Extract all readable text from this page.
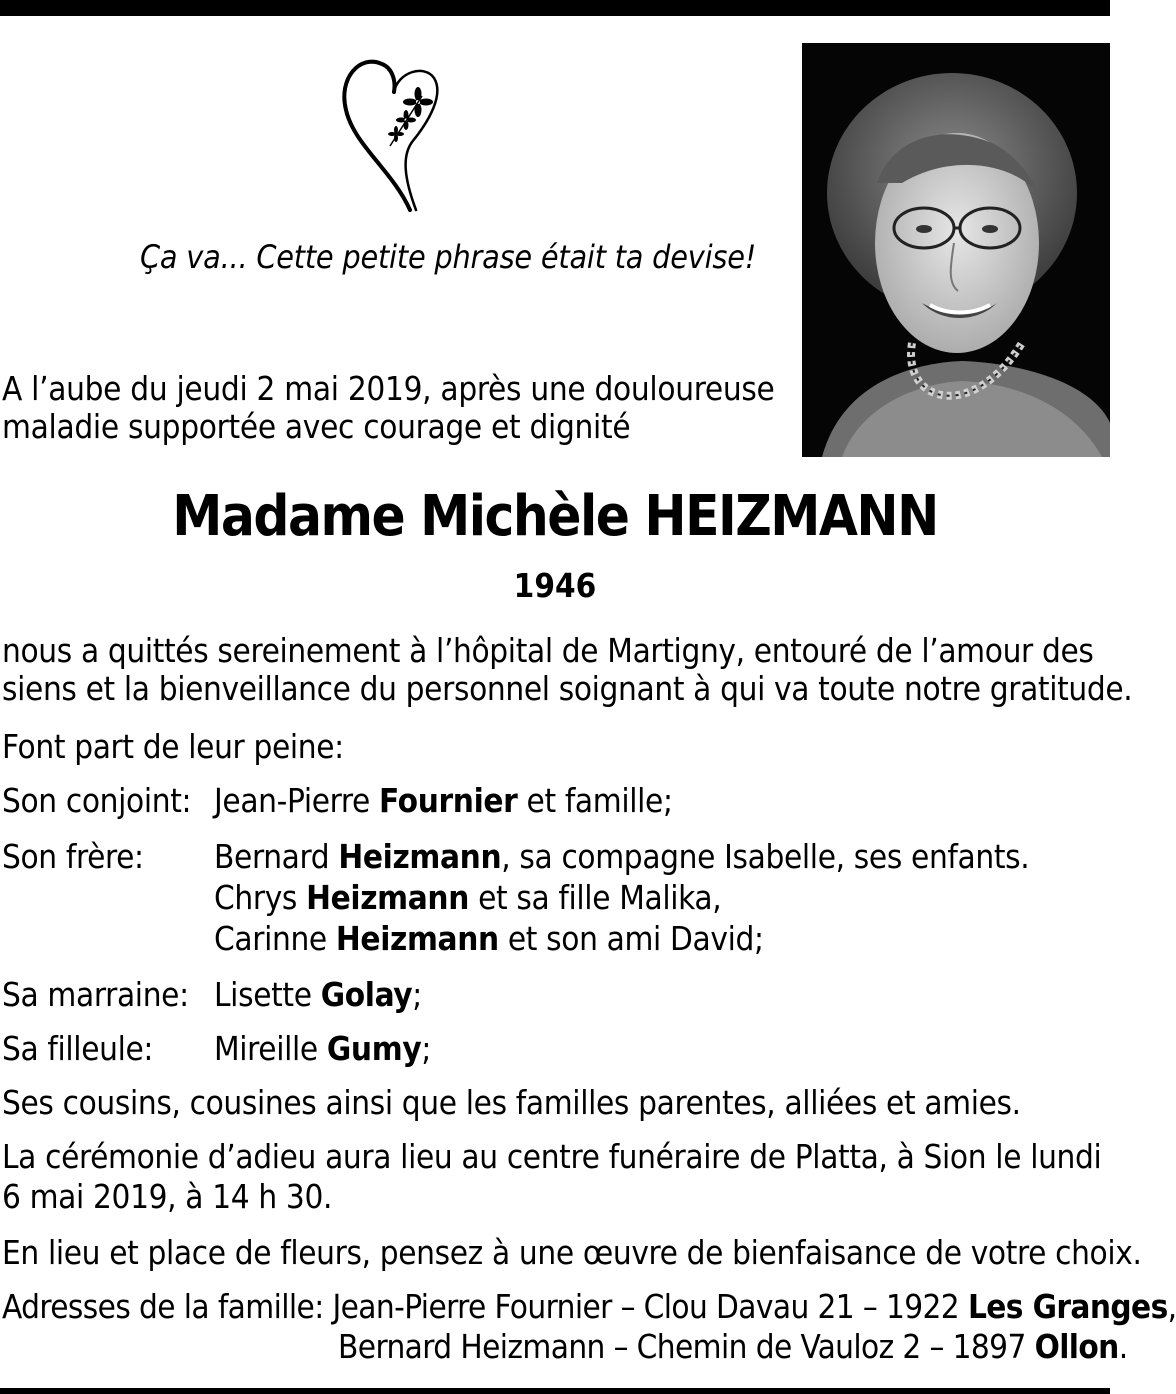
Ça va... Cette petite phrase était ta devise!
A l’aube du jeudi 2 mai 2019, après une douloureuse
maladie supportée avec courage et dignité
Madame Michèle HEIZMANN
1946
nous a quittés sereinement à l’hôpital de Martigny, entouré de l’amour des
siens et la bienveillance du personnel soignant à qui va toute notre gratitude.
Font part de leur peine:
Son conjoint: Jean-Pierre Fournier et famille;
Son frère: Bernard Heizmann, sa compagne Isabelle, ses enfants.
Chrys Heizmann et sa fille Malika,
Carinne Heizmann et son ami David;
Sa marraine: Lisette Golay;
Sa filleule: Mireille Gumy;
Ses cousins, cousines ainsi que les familles parentes, alliées et amies.
La cérémonie d’adieu aura lieu au centre funéraire de Platta, à Sion le lundi
6 mai 2019, à 14 h 30.
En lieu et place de fleurs, pensez à une œuvre de bienfaisance de votre choix.
Adresses de la famille: Jean-Pierre Fournier – Clou Davau 21 – 1922 Les Granges,
Bernard Heizmann – Chemin de Vauloz 2 – 1897 Ollon.
